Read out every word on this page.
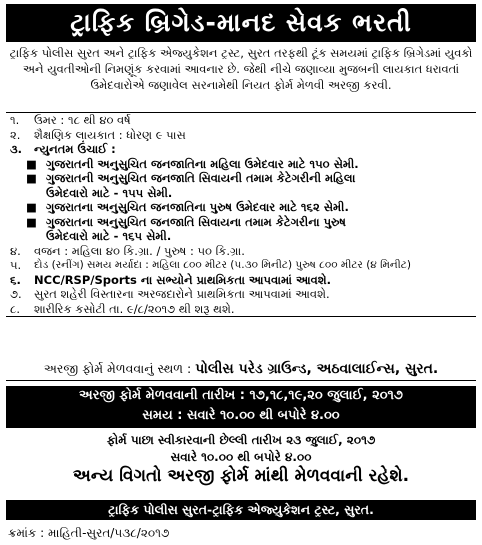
ટ્રાફિક બ્રિગેડ-માનદ સેવક ભરતી
ટ્રાફિક પોલીસ સુરત અને ટ્રાફિક એજ્યુકેશન ટ્રસ્ટ, સુરત તરફથી ટૂંક સમયમાં ટ્રાફિક બ્રિગેડમાં યુવકો અને યુવતીઓની નિમણૂંક કરવામાં આવનાર છે. જેથી નીચે જણાવ્યા મુજબની લાયકાત ધરાવતાં ઉમેદવારોએ જણાવેલ સરનામેથી નિયત ફોર્મ મેળવી અરજી કરવી.
૧.	ઉંમર : ૧૮ થી ૪૦ વર્ષ
૨.	શૈક્ષણિક લાયકાત : ધોરણ ૯ પાસ
૩.	ન્યુનતમ ઉંચાઈ :
■ ગુજરાતની અનુસુચિત જનજાતિના મહિલા ઉમેદવાર માટે ૧૫૦ સેમી.
■ ગુજરાતની અનુસુચિત જનજાતિ સિવાયની તમામ કેટેગરીની મહિલા
ઉમેદવારો માટે - ૧૫૫ સેમી.
■ ગુજરાતના અનુસુચિત જનજાતિના પુરુષ ઉમેદવાર માટે ૧૬૨ સેમી.
■ ગુજરાતના અનુસુચિત જનજાતિ સિવાયના તમામ કેટેગરીના પુરુષ
ઉમેદવારો માટે - ૧૬૫ સેમી.
૪.	વજન : મહિલા ૪૦ કિ.ગ્રા. / પુરુષ : ૫૦ કિ.ગ્રા.
૫.	દોડ (રનીંગ) સમય મર્યાદા : મહિલા ૮૦૦ મીટર (૫.૩૦ મિનીટ) પુરુષ ૮૦૦ મીટર (૪ મિનીટ)
૬.	NCC/RSP/Sports ના સભ્યોને પ્રાથમિકતા આપવામાં આવશે.
૭.	સુરત શહેરી વિસ્તારના અરજદારોને પ્રાથમિકતા આપવામાં આવશે.
૮.	શારીરિક કસોટી તા. ૯/૮/૨૦૧૭ થી શરૂ થશે.
અરજી ફોર્મ મેળવવાનું સ્થળ : પોલીસ પરેડ ગ્રાઉન્ડ, અઠવાલાઈન્સ, સુરત.
અરજી ફોર્મ મેળવવાની તારીખ : ૧૭,૧૮,૧૯,૨૦ જુલાઈ, ૨૦૧૭
સમય : સવારે ૧૦.૦૦ થી બપોરે ૪.૦૦
ફોર્મ પાછા સ્વીકારવાની છેલ્લી તારીખ ૨૩ જુલાઈ, ૨૦૧૭
સવારે ૧૦.૦૦ થી બપોરે ૪.૦૦
અન્ય વિગતો અરજી ફોર્મ માંથી મેળવવાની રહેશે.
ટ્રાફિક પોલીસ સુરત-ટ્રાફિક એજ્યુકેશન ટ્રસ્ટ, સુરત.
ક્રમાંક : માહિતી-સુરત/૫૩૮/૨૦૧૭
